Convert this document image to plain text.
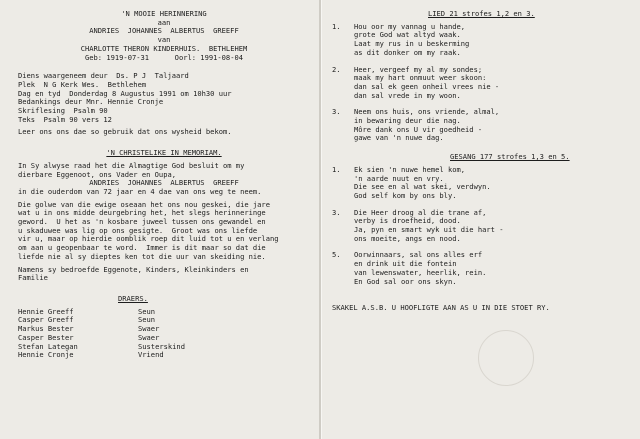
'N MOOIE HERINNERING
aan
ANDRIES  JOHANNES  ALBERTUS  GREEFF
van
CHARLOTTE THERON KINDERHUIS.  BETHLEHEM
Geb: 1919-07-31      Oorl: 1991-08-04
Diens waargeneem deur  Ds. P J  Taljaard
Plek  N G Kerk Wes.  Bethlehem
Dag en tyd  Donderdag 8 Augustus 1991 om 10h30 uur
Bedankings deur Mnr. Hennie Cronje
Skriflesing  Psalm 90
Teks  Psalm 90 vers 12
Leer ons ons dae so gebruik dat ons wysheid bekom.
'N CHRISTELIKE IN MEMORIAM.
In Sy alwyse raad het die Almagtige God besluit om my
dierbare Eggenoot, ons Vader en Oupa,
ANDRIES  JOHANNES  ALBERTUS  GREEFF
in die ouderdom van 72 jaar en 4 dae van ons weg te neem.
Die golwe van die ewige oseaan het ons nou geskei, die jare
wat u in ons midde deurgebring het, het slegs herinneringe
geword.  U het as 'n kosbare juweel tussen ons gewandel en
u skaduwee was lig op ons gesigte.  Groot was ons liefde
vir u, maar op hierdie oomblik roep dit luid tot u en verlang
om aan u geopenbaar te word.  Immer is dit maar so dat die
liefde nie al sy dieptes ken tot die uur van skeiding nie.
Namens sy bedroefde Eggenote, Kinders, Kleinkinders en
Familie
DRAERS.
Hennie Greeff	Seun
Casper Greeff	Seun
Markus Bester	Swaer
Casper Bester	Swaer
Stefan Lategan	Susterskind
Hennie Cronje	Vriend
LIED 21 strofes 1,2 en 3.
1.	Hou oor my vannag u hande,
grote God wat altyd waak.
Laat my rus in u beskerming
as dit donker om my raak.
2.	Heer, vergeef my al my sondes;
maak my hart onmuut weer skoon:
dan sal ek geen onheil vrees nie -
dan sal vrede in my woon.
3.	Neem ons huis, ons vriende, almal,
in bewaring deur die nag.
Môre dank ons U vir goedheid -
gawe van 'n nuwe dag.
GESANG 177 strofes 1,3 en 5.
1.	Ek sien 'n nuwe hemel kom,
'n aarde nuut en vry.
Die see en al wat skei, verdwyn.
God self kom by ons bly.
3.	Die Heer droog al die trane af,
verby is droefheid, dood.
Ja, pyn en smart wyk uit die hart -
ons moeite, angs en nood.
5.	Oorwinnaars, sal ons alles erf
en drink uit die fontein
van lewenswater, heerlik, rein.
En God sal oor ons skyn.
SKAKEL A.S.B. U HOOFLIGTE AAN AS U IN DIE STOET RY.
